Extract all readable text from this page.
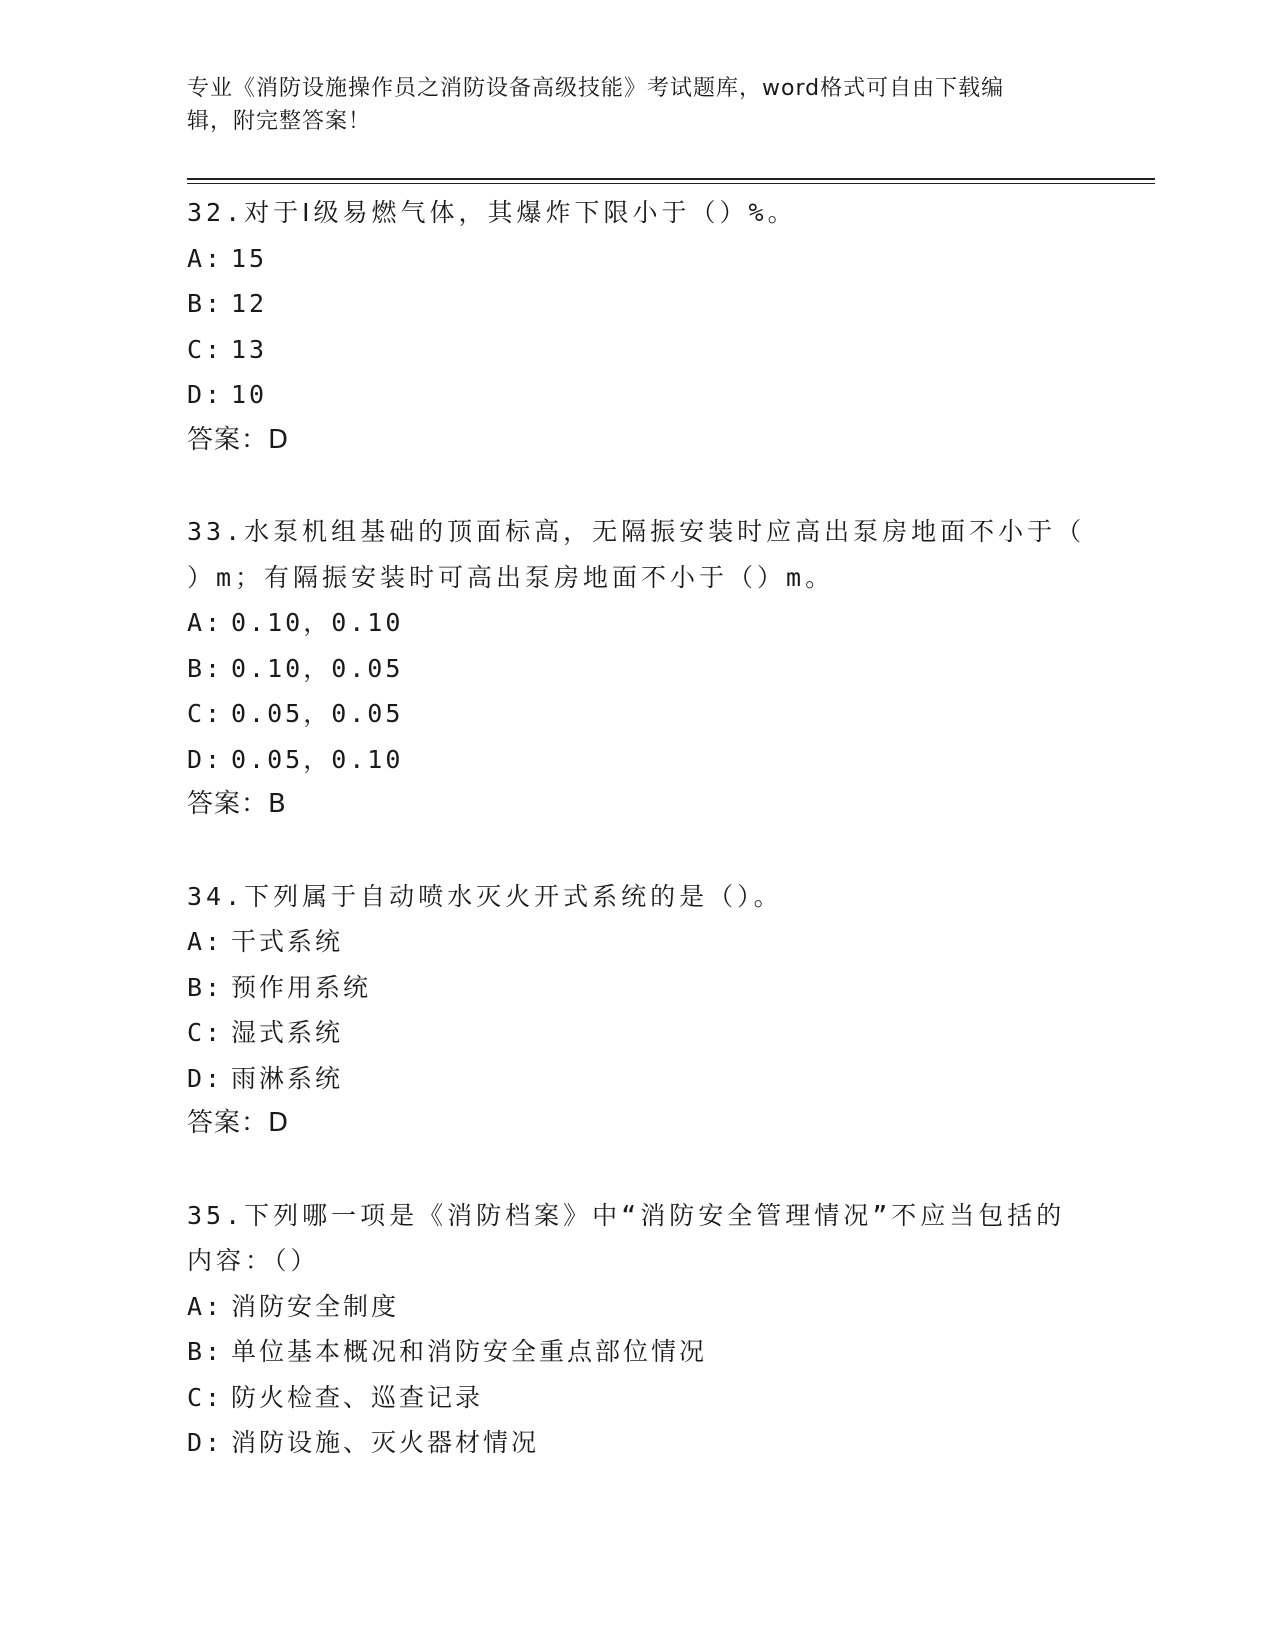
专业《消防设施操作员之消防设备高级技能》考试题库，word格式可自由下载编
辑，附完整答案！
32.对于Ⅰ级易燃气体，其爆炸下限小于（）%。
A: 15
B: 12
C: 13
D: 10
答案：D
33.水泵机组基础的顶面标高，无隔振安装时应高出泵房地面不小于（
）m；有隔振安装时可高出泵房地面不小于（）m。
A: 0.10，0.10
B: 0.10，0.05
C: 0.05，0.05
D: 0.05，0.10
答案：B
34.下列属于自动喷水灭火开式系统的是（）。
A: 干式系统
B: 预作用系统
C: 湿式系统
D: 雨淋系统
答案：D
35.下列哪一项是《消防档案》中“消防安全管理情况”不应当包括的
内容：（）
A: 消防安全制度
B: 单位基本概况和消防安全重点部位情况
C: 防火检查、巡查记录
D: 消防设施、灭火器材情况
